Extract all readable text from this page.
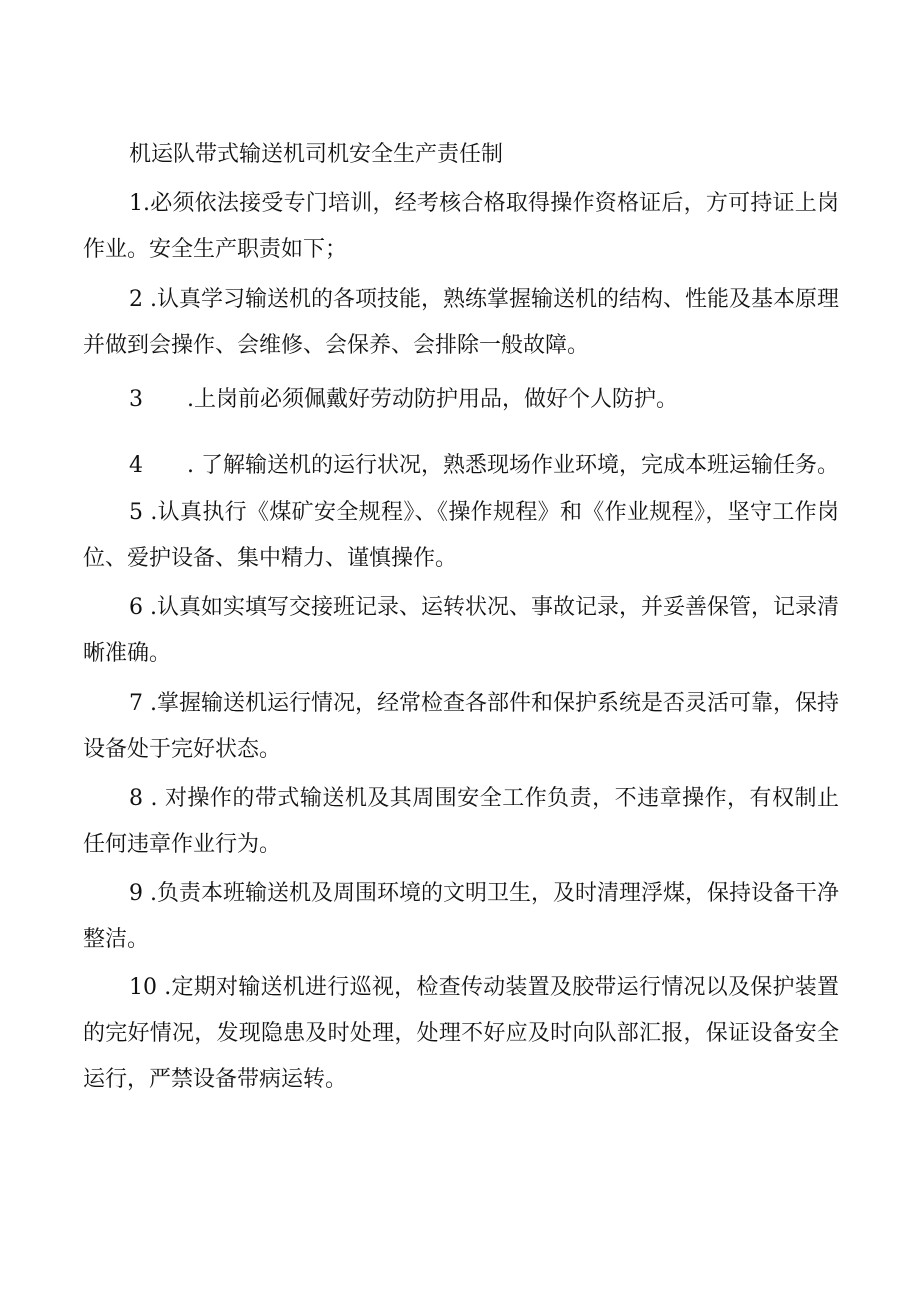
机运队带式输送机司机安全生产责任制

1.必须依法接受专门培训，经考核合格取得操作资格证后，方可持证上岗作业。安全生产职责如下；

2 .认真学习输送机的各项技能，熟练掌握输送机的结构、性能及基本原理并做到会操作、会维修、会保养、会排除一般故障。

3 .上岗前必须佩戴好劳动防护用品，做好个人防护。
4 . 了解输送机的运行状况，熟悉现场作业环境，完成本班运输任务。

5 .认真执行《煤矿安全规程》、《操作规程》和《作业规程》，坚守工作岗位、爱护设备、集中精力、谨慎操作。

6 .认真如实填写交接班记录、运转状况、事故记录，并妥善保管，记录清晰准确。

7 .掌握输送机运行情况，经常检查各部件和保护系统是否灵活可靠，保持设备处于完好状态。

8 . 对操作的带式输送机及其周围安全工作负责，不违章操作，有权制止任何违章作业行为。

9 .负责本班输送机及周围环境的文明卫生，及时清理浮煤，保持设备干净整洁。

10 .定期对输送机进行巡视，检查传动装置及胶带运行情况以及保护装置的完好情况，发现隐患及时处理，处理不好应及时向队部汇报，保证设备安全运行，严禁设备带病运转。
